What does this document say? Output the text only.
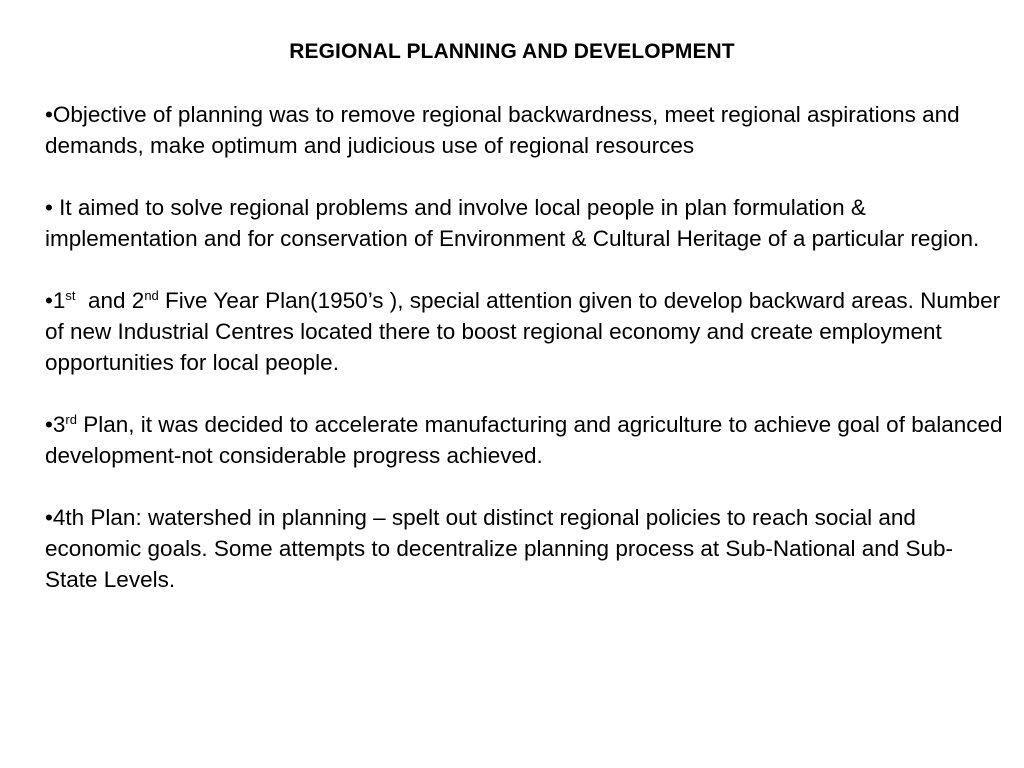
REGIONAL PLANNING AND DEVELOPMENT

•Objective of planning was to remove regional backwardness, meet regional aspirations and demands, make optimum and judicious use of regional resources

• It aimed to solve regional problems and involve local people in plan formulation & implementation and for conservation of Environment & Cultural Heritage of a particular region.

•1st  and 2nd Five Year Plan(1950’s ), special attention given to develop backward areas. Number of new Industrial Centres located there to boost regional economy and create employment opportunities for local people.

•3rd Plan, it was decided to accelerate manufacturing and agriculture to achieve goal of balanced development-not considerable progress achieved.

•4th Plan: watershed in planning – spelt out distinct regional policies to reach social and economic goals. Some attempts to decentralize planning process at Sub-National and Sub-State Levels.
